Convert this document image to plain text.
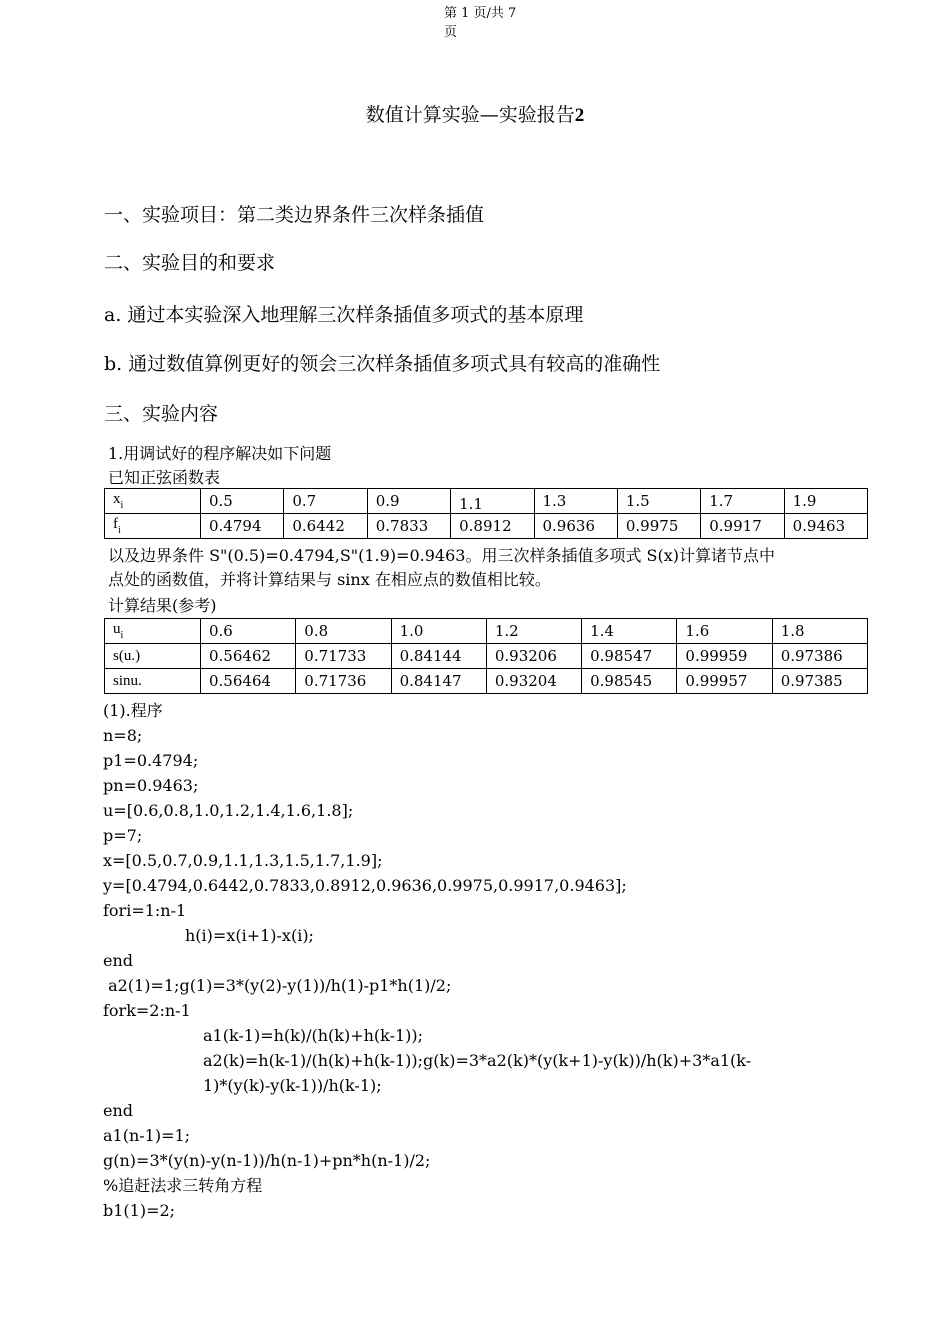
第 1 页/共 7
页
数值计算实验—实验报告2
一、实验项目：第二类边界条件三次样条插值
二、实验目的和要求
a. 通过本实验深入地理解三次样条插值多项式的基本原理
b. 通过数值算例更好的领会三次样条插值多项式具有较高的准确性
三、实验内容
1.用调试好的程序解决如下问题
已知正弦函数表
$x_i$	0.5	0.7	0.9	1.1	1.3	1.5	1.7	1.9
$f_i$	0.4794	0.6442	0.7833	0.8912	0.9636	0.9975	0.9917	0.9463
以及边界条件 S"(0.5)=0.4794,S"(1.9)=0.9463。用三次样条插值多项式 S(x)计算诸节点中
点处的函数值，并将计算结果与 sinx 在相应点的数值相比较。
计算结果(参考)
$u_i$	0.6	0.8	1.0	1.2	1.4	1.6	1.8
s(u.)	0.56462	0.71733	0.84144	0.93206	0.98547	0.99959	0.97386
sinu.	0.56464	0.71736	0.84147	0.93204	0.98545	0.99957	0.97385
(1).程序
n=8;
p1=0.4794;
pn=0.9463;
u=[0.6,0.8,1.0,1.2,1.4,1.6,1.8];
p=7;
x=[0.5,0.7,0.9,1.1,1.3,1.5,1.7,1.9];
y=[0.4794,0.6442,0.7833,0.8912,0.9636,0.9975,0.9917,0.9463];
fori=1:n-1
h(i)=x(i+1)-x(i);
end
a2(1)=1;g(1)=3*(y(2)-y(1))/h(1)-p1*h(1)/2;
fork=2:n-1
a1(k-1)=h(k)/(h(k)+h(k-1));
a2(k)=h(k-1)/(h(k)+h(k-1));g(k)=3*a2(k)*(y(k+1)-y(k))/h(k)+3*a1(k-
1)*(y(k)-y(k-1))/h(k-1);
end
a1(n-1)=1;
g(n)=3*(y(n)-y(n-1))/h(n-1)+pn*h(n-1)/2;
%追赶法求三转角方程
b1(1)=2;
